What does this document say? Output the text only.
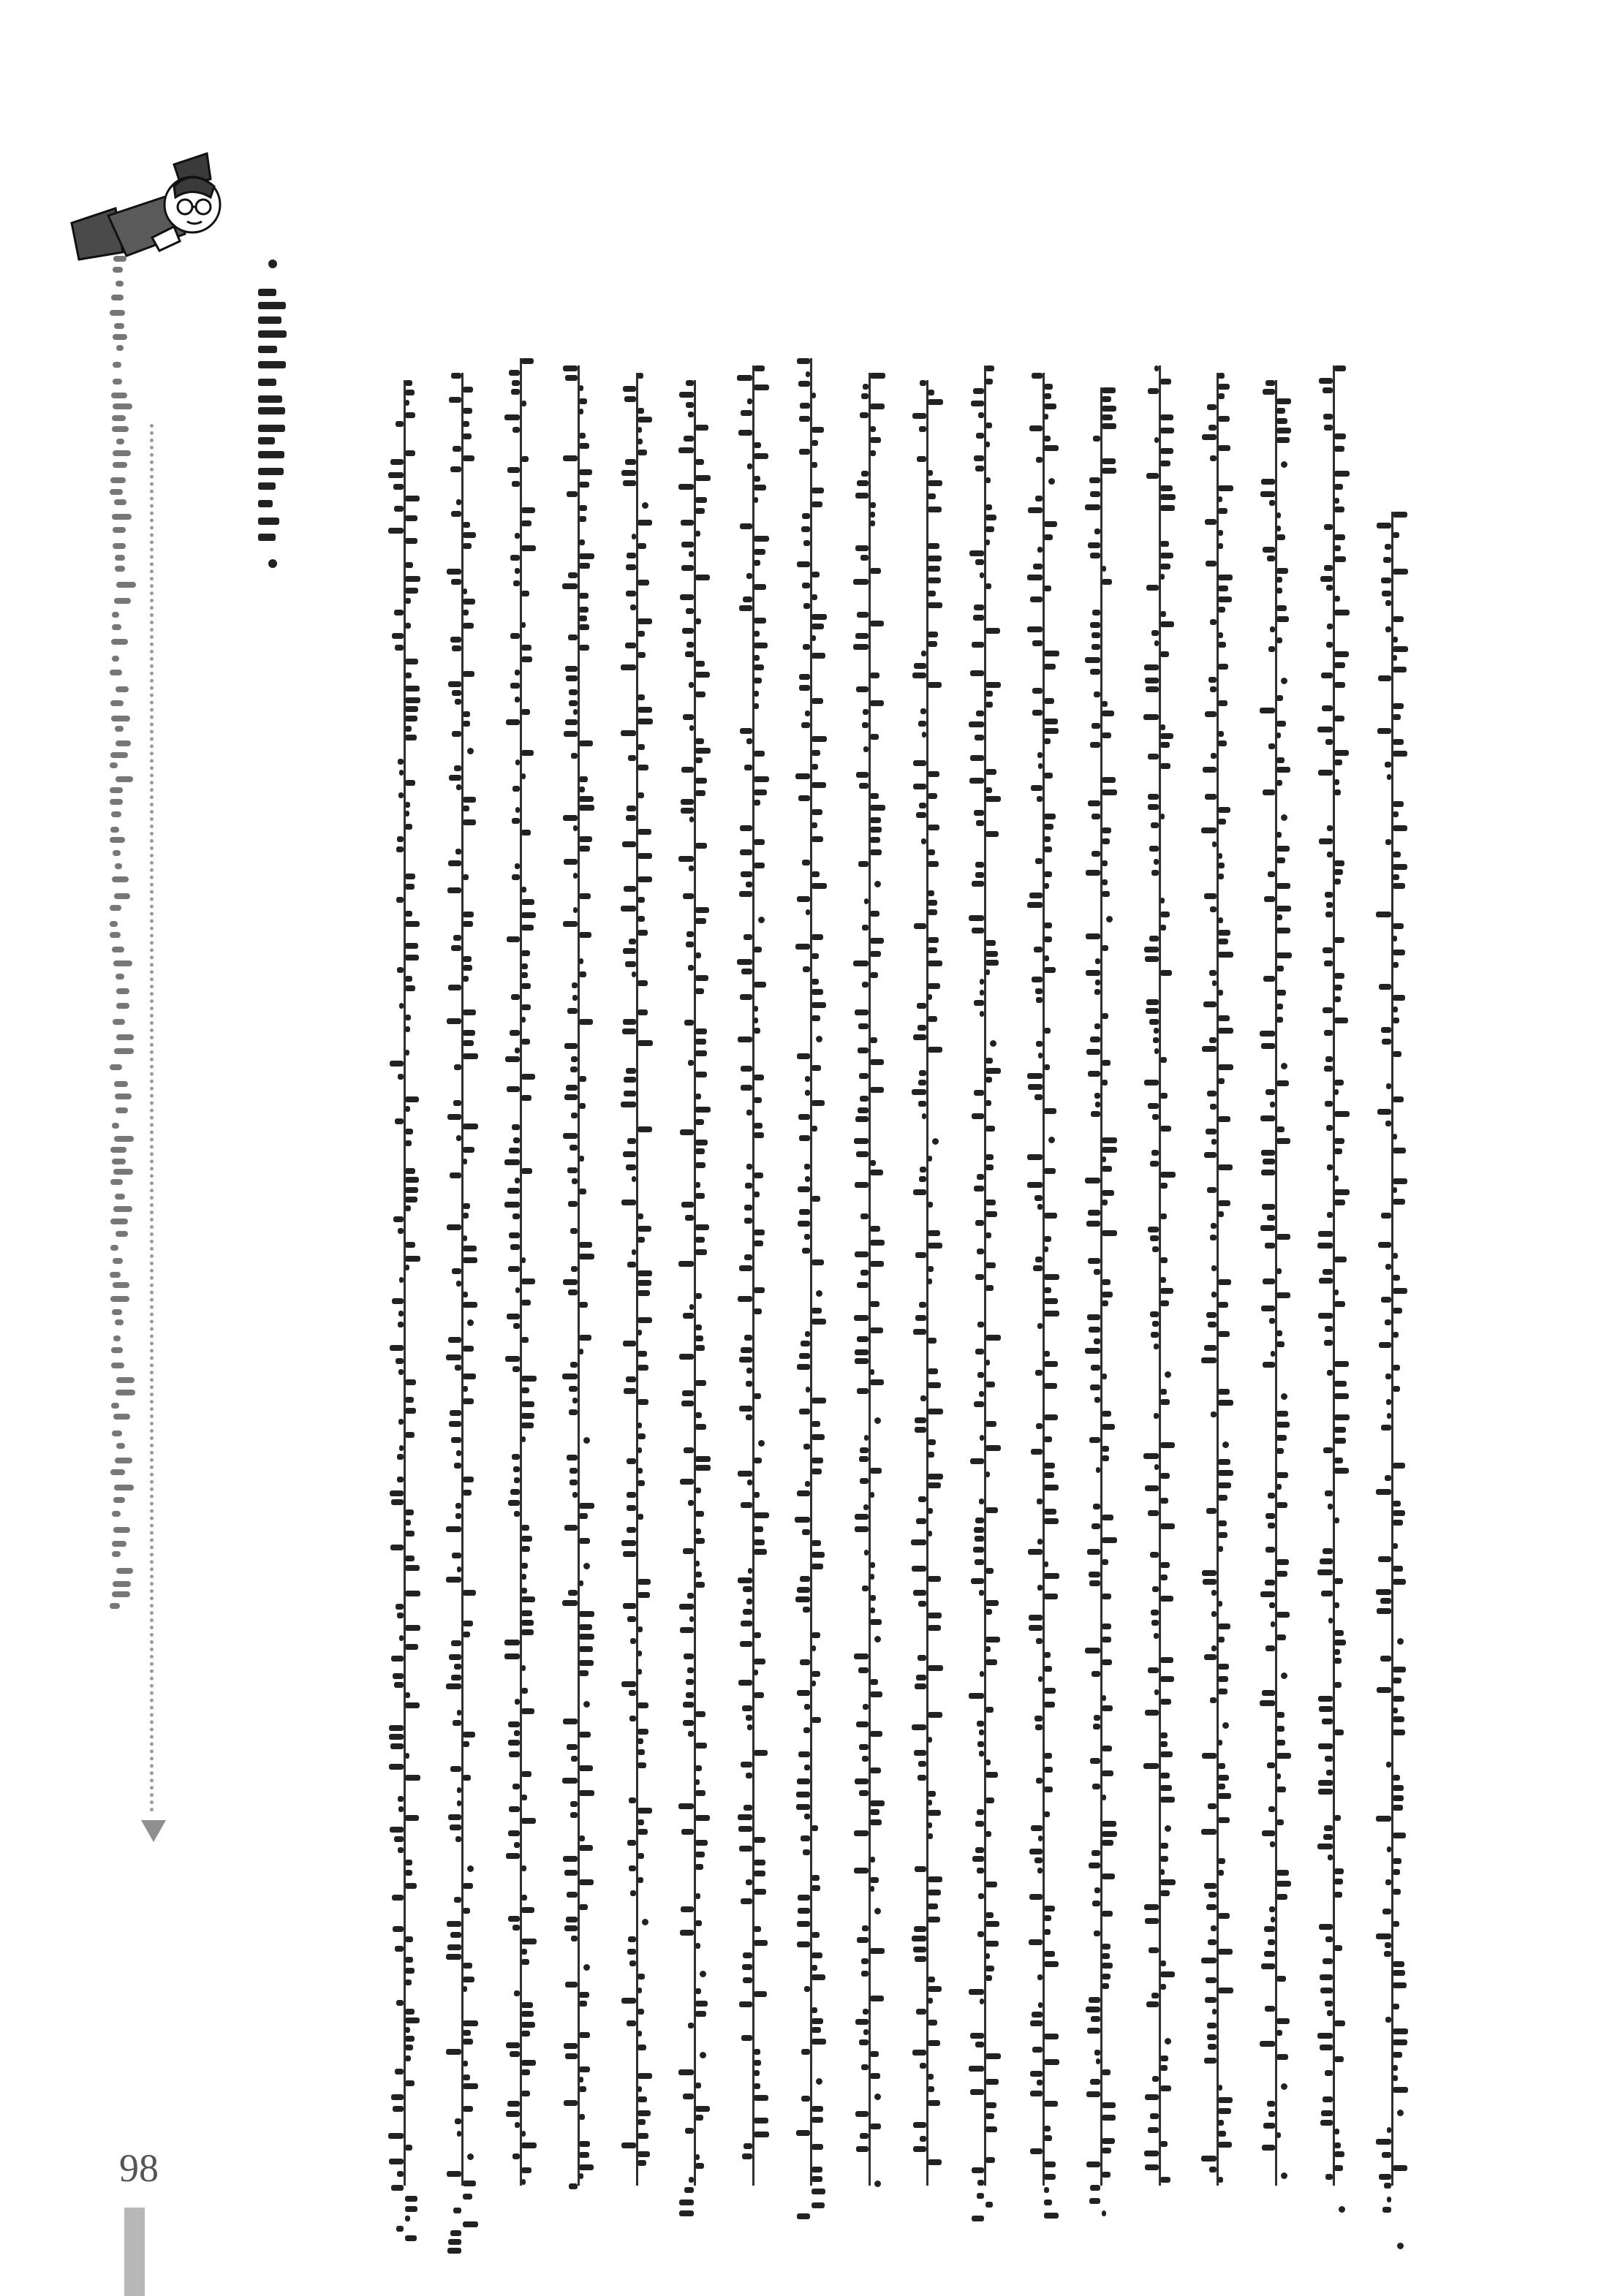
98
